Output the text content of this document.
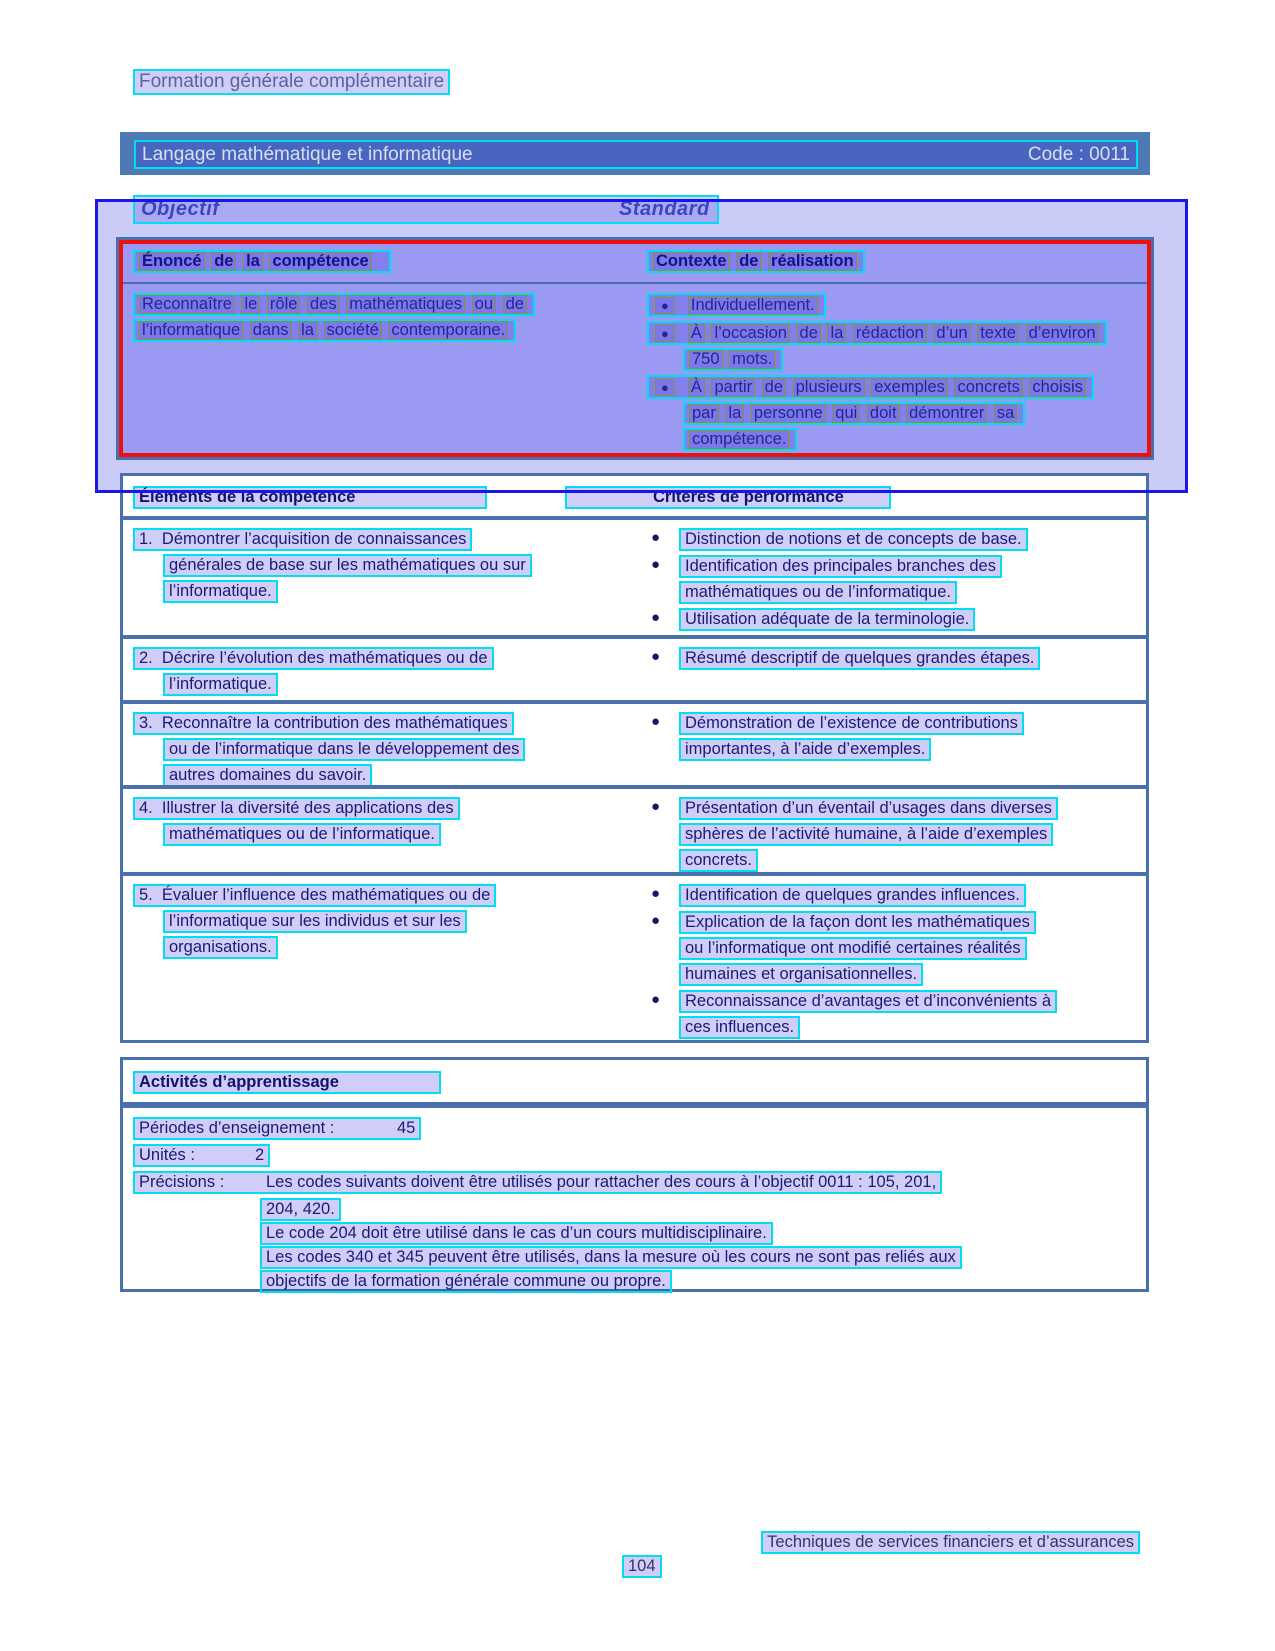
Formation générale complémentaire
Langage mathématique et informatique	Code : 0011
Objectif	Standard
Énoncé de la compétence	Contexte de réalisation
Reconnaître le rôle des mathématiques ou de
l’informatique dans la société contemporaine.
● Individuellement.
● À l’occasion de la rédaction d’un texte d’environ
750 mots.
● À partir de plusieurs exemples concrets choisis
par la personne qui doit démontrer sa
compétence.
Éléments de la compétence	Critères de performance
1.  Démontrer l’acquisition de connaissances
générales de base sur les mathématiques ou sur
l’informatique.
●	Distinction de notions et de concepts de base.
●	Identification des principales branches des
mathématiques ou de l’informatique.
●	Utilisation adéquate de la terminologie.
2.  Décrire l’évolution des mathématiques ou de
l’informatique.
●	Résumé descriptif de quelques grandes étapes.
3.  Reconnaître la contribution des mathématiques
ou de l’informatique dans le développement des
autres domaines du savoir.
●	Démonstration de l’existence de contributions
importantes, à l’aide d’exemples.
4.  Illustrer la diversité des applications des
mathématiques ou de l’informatique.
●	Présentation d’un éventail d’usages dans diverses
sphères de l’activité humaine, à l’aide d’exemples
concrets.
5.  Évaluer l’influence des mathématiques ou de
l’informatique sur les individus et sur les
organisations.
●	Identification de quelques grandes influences.
●	Explication de la façon dont les mathématiques
ou l’informatique ont modifié certaines réalités
humaines et organisationnelles.
●	Reconnaissance d’avantages et d’inconvénients à
ces influences.
Activités d’apprentissage
Périodes d’enseignement :	45
Unités :	2
Précisions :	Les codes suivants doivent être utilisés pour rattacher des cours à l’objectif 0011 : 105, 201,
204, 420.
Le code 204 doit être utilisé dans le cas d’un cours multidisciplinaire.
Les codes 340 et 345 peuvent être utilisés, dans la mesure où les cours ne sont pas reliés aux
objectifs de la formation générale commune ou propre.
Techniques de services financiers et d’assurances
104
